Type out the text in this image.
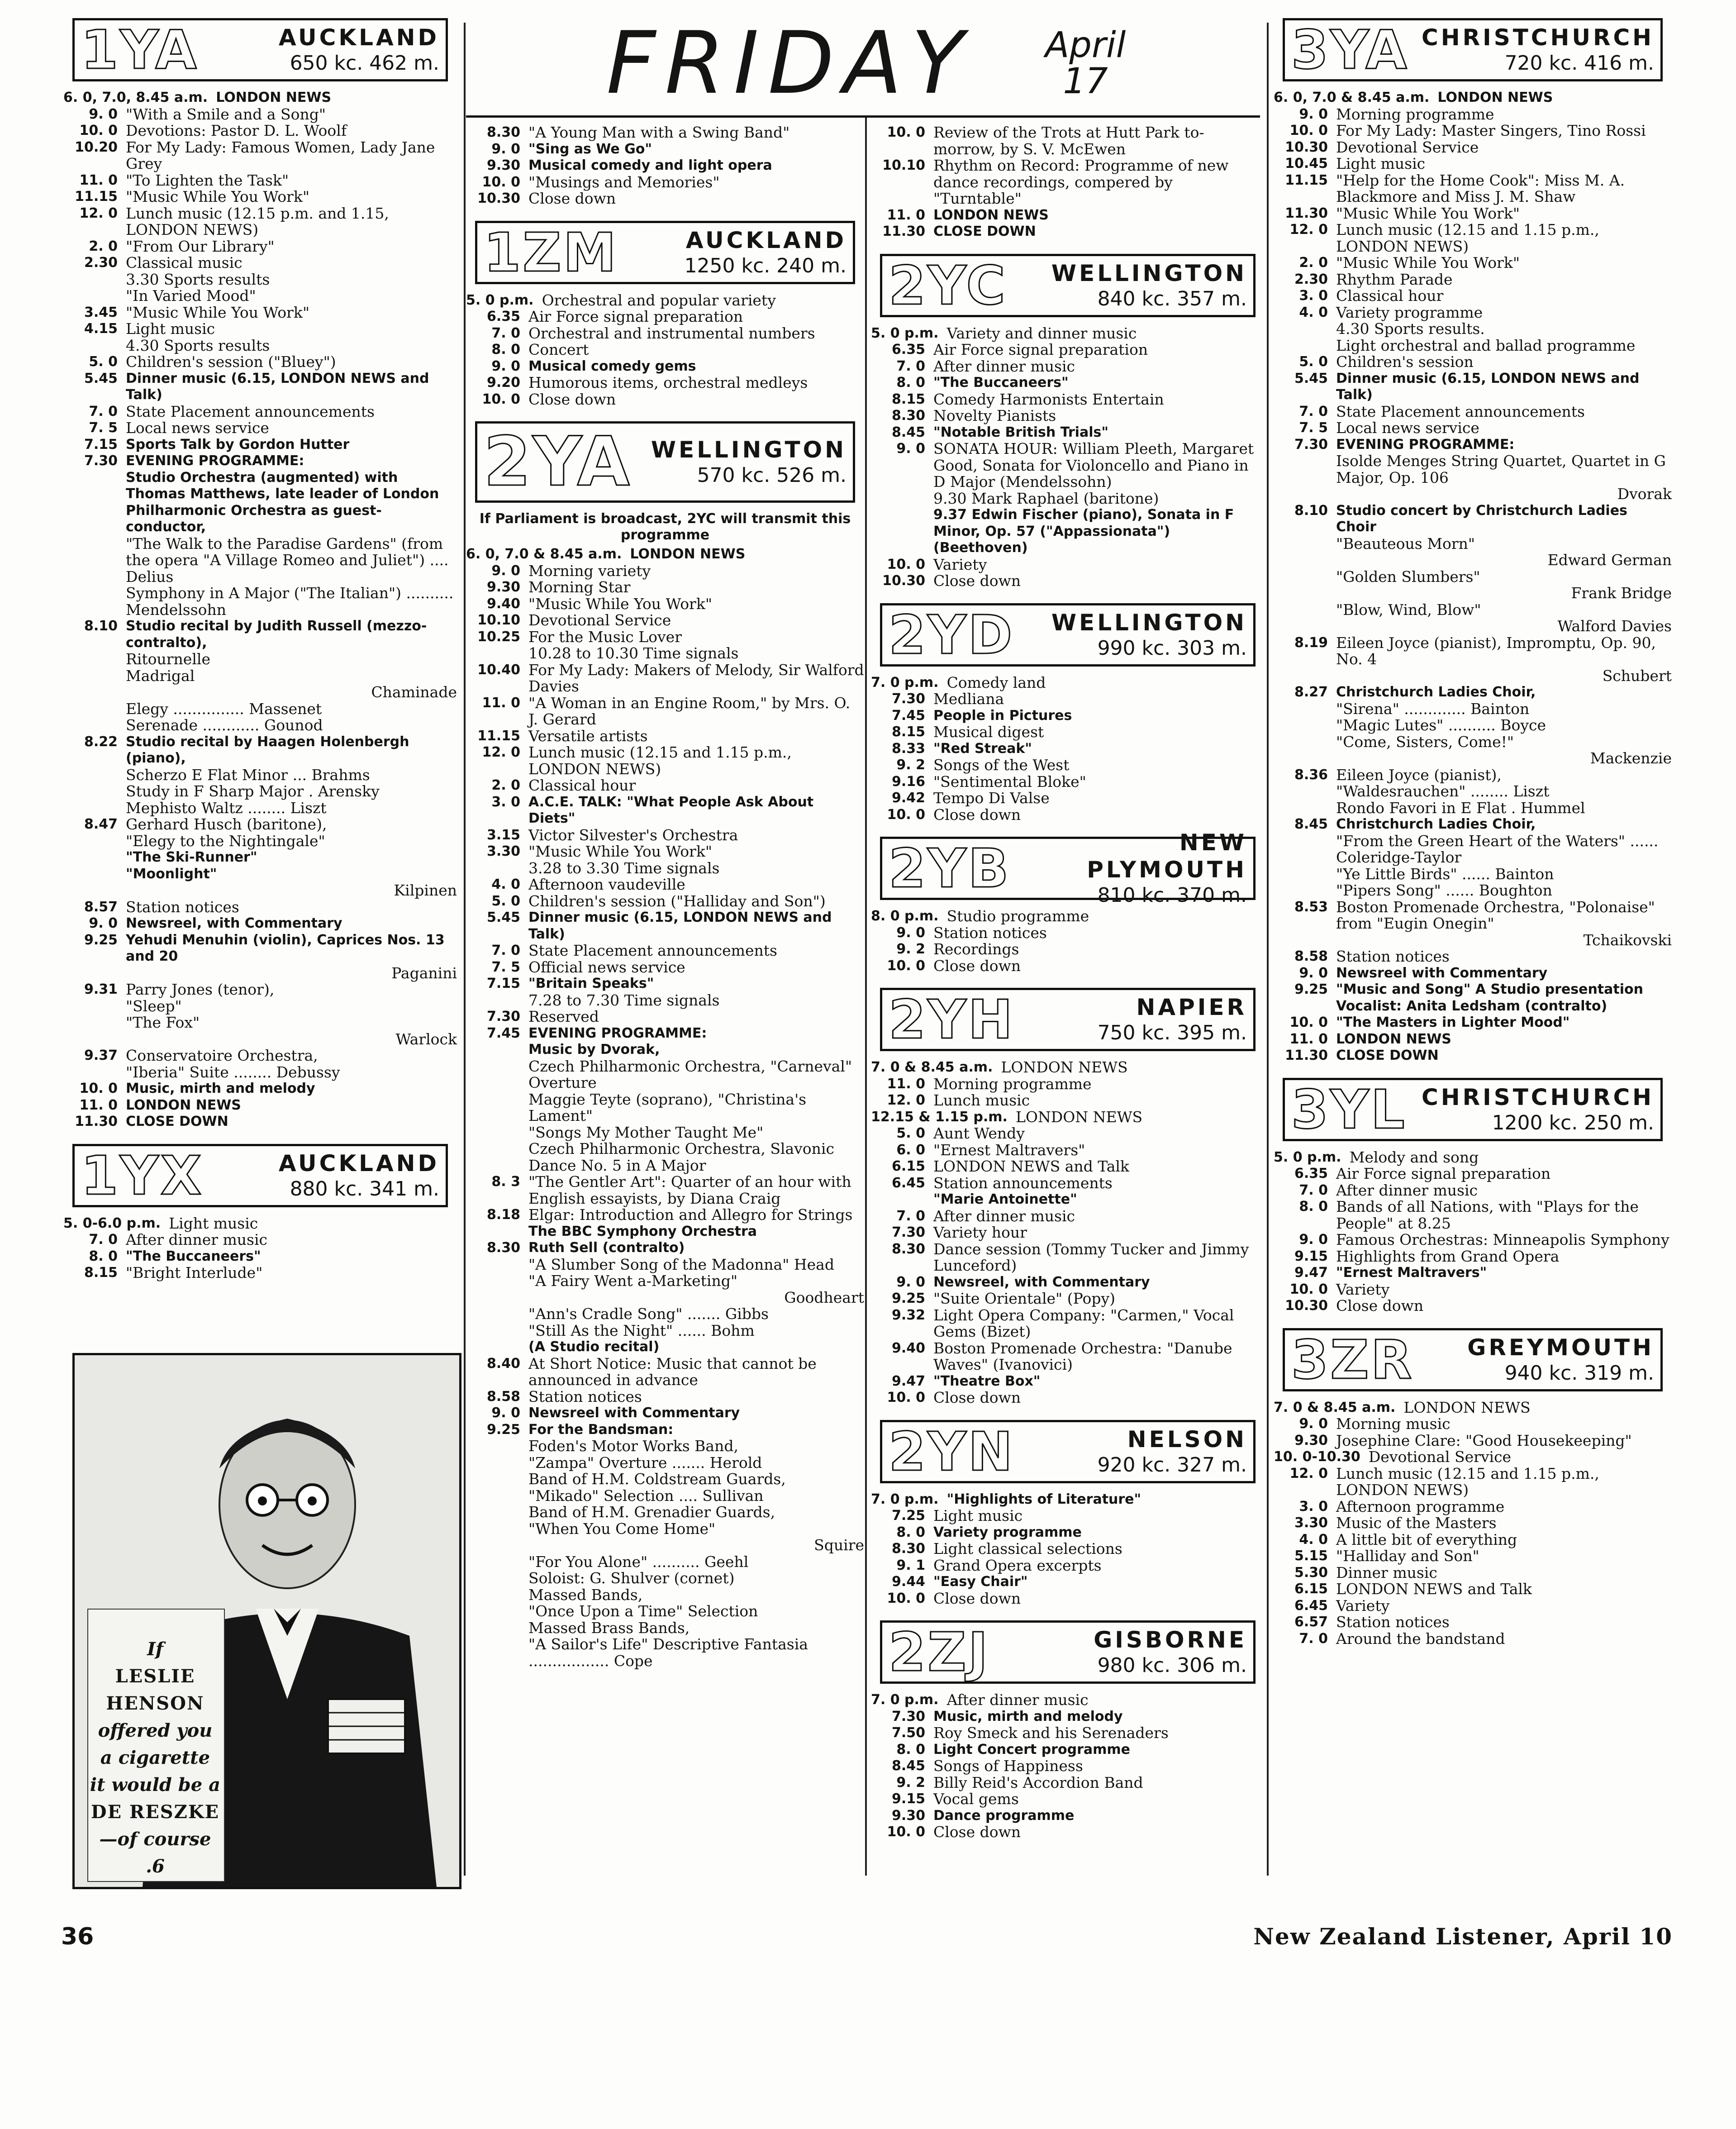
FRIDAY April
17
1YA	AUCKLAND
650 kc. 462 m.
6. 0, 7.0, 8.45 a.m. LONDON NEWS
9. 0 "With a Smile and a Song"
10. 0 Devotions: Pastor D. L. Woolf
10.20 For My Lady: Famous Women, Lady Jane Grey
11. 0 "To Lighten the Task"
11.15 "Music While You Work"
12. 0 Lunch music (12.15 p.m. and 1.15, LONDON NEWS)
2. 0 "From Our Library"
2.30 Classical music
3.30 Sports results
"In Varied Mood"
3.45 "Music While You Work"
4.15 Light music
4.30 Sports results
5. 0 Children's session ("Bluey")
5.45 Dinner music (6.15, LONDON NEWS and Talk)
7. 0 State Placement announcements
7. 5 Local news service
7.15 Sports Talk by Gordon Hutter
7.30 EVENING PROGRAMME:
Studio Orchestra (augmented) with Thomas Matthews, late leader of London Philharmonic Orchestra as guest-conductor,
"The Walk to the Paradise Gardens" (from the opera "A Village Romeo and Juliet") .... Delius
Symphony in A Major ("The Italian") .......... Mendelssohn
8.10 Studio recital by Judith Russell (mezzo-contralto),
Ritournelle
Madrigal
Chaminade
Elegy ............... Massenet
Serenade ............ Gounod
8.22 Studio recital by Haagen Holenbergh (piano),
Scherzo E Flat Minor ... Brahms
Study in F Sharp Major . Arensky
Mephisto Waltz ........ Liszt
8.47 Gerhard Husch (baritone),
"Elegy to the Nightingale"
"The Ski-Runner"
"Moonlight"
Kilpinen
8.57 Station notices
9. 0 Newsreel, with Commentary
9.25 Yehudi Menuhin (violin), Caprices Nos. 13 and 20
Paganini
9.31 Parry Jones (tenor),
"Sleep"
"The Fox"
Warlock
9.37 Conservatoire Orchestra,
"Iberia" Suite ........ Debussy
10. 0 Music, mirth and melody
11. 0 LONDON NEWS
11.30 CLOSE DOWN
1YX	AUCKLAND
880 kc. 341 m.
5. 0-6.0 p.m. Light music
7. 0 After dinner music
8. 0 "The Buccaneers"
8.15 "Bright Interlude"
If
LESLIE
HENSON
offered you
a cigarette
it would be a
DE RESZKE
—of course
.6
8.30 "A Young Man with a Swing Band"
9. 0 "Sing as We Go"
9.30 Musical comedy and light opera
10. 0 "Musings and Memories"
10.30 Close down
1ZM	AUCKLAND
1250 kc. 240 m.
5. 0 p.m. Orchestral and popular variety
6.35 Air Force signal preparation
7. 0 Orchestral and instrumental numbers
8. 0 Concert
9. 0 Musical comedy gems
9.20 Humorous items, orchestral medleys
10. 0 Close down
2YA WELLINGTON
570 kc. 526 m.
If Parliament is broadcast, 2YC will transmit this programme
6. 0, 7.0 & 8.45 a.m. LONDON NEWS
9. 0 Morning variety
9.30 Morning Star
9.40 "Music While You Work"
10.10 Devotional Service
10.25 For the Music Lover
10.28 to 10.30 Time signals
10.40 For My Lady: Makers of Melody, Sir Walford Davies
11. 0 "A Woman in an Engine Room," by Mrs. O. J. Gerard
11.15 Versatile artists
12. 0 Lunch music (12.15 and 1.15 p.m., LONDON NEWS)
2. 0 Classical hour
3. 0 A.C.E. TALK: "What People Ask About Diets"
3.15 Victor Silvester's Orchestra
3.30 "Music While You Work"
3.28 to 3.30 Time signals
4. 0 Afternoon vaudeville
5. 0 Children's session ("Halliday and Son")
5.45 Dinner music (6.15, LONDON NEWS and Talk)
7. 0 State Placement announcements
7. 5 Official news service
7.15 "Britain Speaks"
7.28 to 7.30 Time signals
7.30 Reserved
7.45 EVENING PROGRAMME:
Music by Dvorak,
Czech Philharmonic Orchestra, "Carneval" Overture
Maggie Teyte (soprano), "Christina's Lament"
"Songs My Mother Taught Me"
Czech Philharmonic Orchestra, Slavonic Dance No. 5 in A Major
8. 3 "The Gentler Art": Quarter of an hour with English essayists, by Diana Craig
8.18 Elgar: Introduction and Allegro for Strings
The BBC Symphony Orchestra
8.30 Ruth Sell (contralto)
"A Slumber Song of the Madonna" Head
"A Fairy Went a-Marketing"
Goodheart
"Ann's Cradle Song" ....... Gibbs
"Still As the Night" ...... Bohm
(A Studio recital)
8.40 At Short Notice: Music that cannot be announced in advance
8.58 Station notices
9. 0 Newsreel with Commentary
9.25 For the Bandsman:
Foden's Motor Works Band,
"Zampa" Overture ....... Herold
Band of H.M. Coldstream Guards,
"Mikado" Selection .... Sullivan
Band of H.M. Grenadier Guards,
"When You Come Home"
Squire
"For You Alone" .......... Geehl
Soloist: G. Shulver (cornet)
Massed Bands,
"Once Upon a Time" Selection
Massed Brass Bands,
"A Sailor's Life" Descriptive Fantasia ................. Cope
10. 0 Review of the Trots at Hutt Park to-morrow, by S. V. McEwen
10.10 Rhythm on Record: Programme of new dance recordings, compered by "Turntable"
11. 0 LONDON NEWS
11.30 CLOSE DOWN
2YC	WELLINGTON
840 kc. 357 m.
5. 0 p.m. Variety and dinner music
6.35 Air Force signal preparation
7. 0 After dinner music
8. 0 "The Buccaneers"
8.15 Comedy Harmonists Entertain
8.30 Novelty Pianists
8.45 "Notable British Trials"
9. 0 SONATA HOUR: William Pleeth, Margaret Good, Sonata for Violoncello and Piano in D Major (Mendelssohn)
9.30 Mark Raphael (baritone)
9.37 Edwin Fischer (piano), Sonata in F Minor, Op. 57 ("Appassionata") (Beethoven)
10. 0 Variety
10.30 Close down
2YD	WELLINGTON
990 kc. 303 m.
7. 0 p.m. Comedy land
7.30 Medliana
7.45 People in Pictures
8.15 Musical digest
8.33 "Red Streak"
9. 2 Songs of the West
9.16 "Sentimental Bloke"
9.42 Tempo Di Valse
10. 0 Close down
2YB	NEW PLYMOUTH
810 kc. 370 m.
8. 0 p.m. Studio programme
9. 0 Station notices
9. 2 Recordings
10. 0 Close down
2YH	NAPIER
750 kc. 395 m.
7. 0 & 8.45 a.m. LONDON NEWS
11. 0 Morning programme
12. 0 Lunch music
12.15 & 1.15 p.m. LONDON NEWS
5. 0 Aunt Wendy
6. 0 "Ernest Maltravers"
6.15 LONDON NEWS and Talk
6.45 Station announcements
"Marie Antoinette"
7. 0 After dinner music
7.30 Variety hour
8.30 Dance session (Tommy Tucker and Jimmy Lunceford)
9. 0 Newsreel, with Commentary
9.25 "Suite Orientale" (Popy)
9.32 Light Opera Company: "Carmen," Vocal Gems (Bizet)
9.40 Boston Promenade Orchestra: "Danube Waves" (Ivanovici)
9.47 "Theatre Box"
10. 0 Close down
2YN	NELSON
920 kc. 327 m.
7. 0 p.m. "Highlights of Literature"
7.25 Light music
8. 0 Variety programme
8.30 Light classical selections
9. 1 Grand Opera excerpts
9.44 "Easy Chair"
10. 0 Close down
2ZJ	GISBORNE
980 kc. 306 m.
7. 0 p.m. After dinner music
7.30 Music, mirth and melody
7.50 Roy Smeck and his Serenaders
8. 0 Light Concert programme
8.45 Songs of Happiness
9. 2 Billy Reid's Accordion Band
9.15 Vocal gems
9.30 Dance programme
10. 0 Close down
3YA CHRISTCHURCH
720 kc. 416 m.
6. 0, 7.0 & 8.45 a.m. LONDON NEWS
9. 0 Morning programme
10. 0 For My Lady: Master Singers, Tino Rossi
10.30 Devotional Service
10.45 Light music
11.15 "Help for the Home Cook": Miss M. A. Blackmore and Miss J. M. Shaw
11.30 "Music While You Work"
12. 0 Lunch music (12.15 and 1.15 p.m., LONDON NEWS)
2. 0 "Music While You Work"
2.30 Rhythm Parade
3. 0 Classical hour
4. 0 Variety programme
4.30 Sports results.
Light orchestral and ballad programme
5. 0 Children's session
5.45 Dinner music (6.15, LONDON NEWS and Talk)
7. 0 State Placement announcements
7. 5 Local news service
7.30 EVENING PROGRAMME:
Isolde Menges String Quartet, Quartet in G Major, Op. 106
Dvorak
8.10 Studio concert by Christchurch Ladies Choir
"Beauteous Morn"
Edward German
"Golden Slumbers"
Frank Bridge
"Blow, Wind, Blow"
Walford Davies
8.19 Eileen Joyce (pianist), Impromptu, Op. 90, No. 4
Schubert
8.27 Christchurch Ladies Choir,
"Sirena" ............. Bainton
"Magic Lutes" .......... Boyce
"Come, Sisters, Come!"
Mackenzie
8.36 Eileen Joyce (pianist),
"Waldesrauchen" ........ Liszt
Rondo Favori in E Flat . Hummel
8.45 Christchurch Ladies Choir,
"From the Green Heart of the Waters" ...... Coleridge-Taylor
"Ye Little Birds" ...... Bainton
"Pipers Song" ...... Boughton
8.53 Boston Promenade Orchestra, "Polonaise" from "Eugin Onegin"
Tchaikovski
8.58 Station notices
9. 0 Newsreel with Commentary
9.25 "Music and Song" A Studio presentation
Vocalist: Anita Ledsham (contralto)
10. 0 "The Masters in Lighter Mood"
11. 0 LONDON NEWS
11.30 CLOSE DOWN
3YL CHRISTCHURCH
1200 kc. 250 m.
5. 0 p.m. Melody and song
6.35 Air Force signal preparation
7. 0 After dinner music
8. 0 Bands of all Nations, with "Plays for the People" at 8.25
9. 0 Famous Orchestras: Minneapolis Symphony
9.15 Highlights from Grand Opera
9.47 "Ernest Maltravers"
10. 0 Variety
10.30 Close down
3ZR	GREYMOUTH
940 kc. 319 m.
7. 0 & 8.45 a.m. LONDON NEWS
9. 0 Morning music
9.30 Josephine Clare: "Good Housekeeping"
10. 0-10.30 Devotional Service
12. 0 Lunch music (12.15 and 1.15 p.m., LONDON NEWS)
3. 0 Afternoon programme
3.30 Music of the Masters
4. 0 A little bit of everything
5.15 "Halliday and Son"
5.30 Dinner music
6.15 LONDON NEWS and Talk
6.45 Variety
6.57 Station notices
7. 0 Around the bandstand
36	New Zealand Listener, April 10
